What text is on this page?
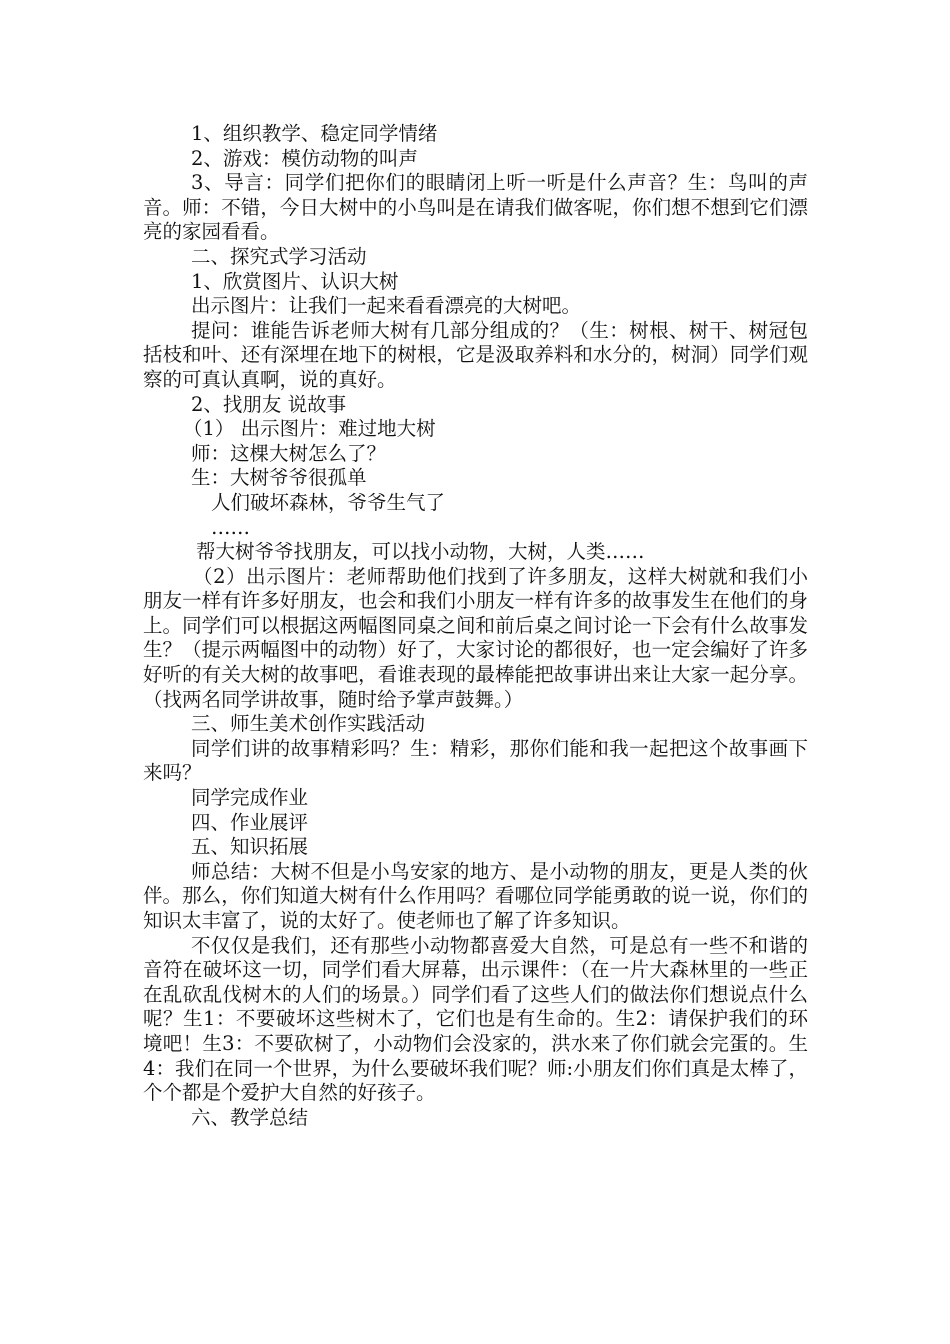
1、组织教学、稳定同学情绪

2、游戏：模仿动物的叫声

3、导言：同学们把你们的眼睛闭上听一听是什么声音？生：鸟叫的声音。师：不错，今日大树中的小鸟叫是在请我们做客呢，你们想不想到它们漂亮的家园看看。

二、探究式学习活动

1、欣赏图片、认识大树

出示图片：让我们一起来看看漂亮的大树吧。

提问：谁能告诉老师大树有几部分组成的？（生：树根、树干、树冠包括枝和叶、还有深埋在地下的树根，它是汲取养料和水分的，树洞）同学们观察的可真认真啊，说的真好。

2、找朋友 说故事

（1） 出示图片：难过地大树

师：这棵大树怎么了？

生：大树爷爷很孤单

人们破坏森林，爷爷生气了

……

帮大树爷爷找朋友，可以找小动物，大树，人类……

（2）出示图片：老师帮助他们找到了许多朋友，这样大树就和我们小朋友一样有许多好朋友，也会和我们小朋友一样有许多的故事发生在他们的身上。同学们可以根据这两幅图同桌之间和前后桌之间讨论一下会有什么故事发生？（提示两幅图中的动物）好了，大家讨论的都很好，也一定会编好了许多好听的有关大树的故事吧，看谁表现的最棒能把故事讲出来让大家一起分享。（找两名同学讲故事，随时给予掌声鼓舞。）

三、师生美术创作实践活动

同学们讲的故事精彩吗？生：精彩，那你们能和我一起把这个故事画下来吗？

同学完成作业

四、作业展评

五、知识拓展

师总结：大树不但是小鸟安家的地方、是小动物的朋友，更是人类的伙伴。那么，你们知道大树有什么作用吗？看哪位同学能勇敢的说一说，你们的知识太丰富了，说的太好了。使老师也了解了许多知识。

不仅仅是我们，还有那些小动物都喜爱大自然，可是总有一些不和谐的音符在破坏这一切，同学们看大屏幕，出示课件：（在一片大森林里的一些正在乱砍乱伐树木的人们的场景。）同学们看了这些人们的做法你们想说点什么呢？生1：不要破坏这些树木了，它们也是有生命的。生2：请保护我们的环境吧！生3：不要砍树了，小动物们会没家的，洪水来了你们就会完蛋的。生4：我们在同一个世界，为什么要破坏我们呢？师:小朋友们你们真是太棒了，个个都是个爱护大自然的好孩子。

六、教学总结
